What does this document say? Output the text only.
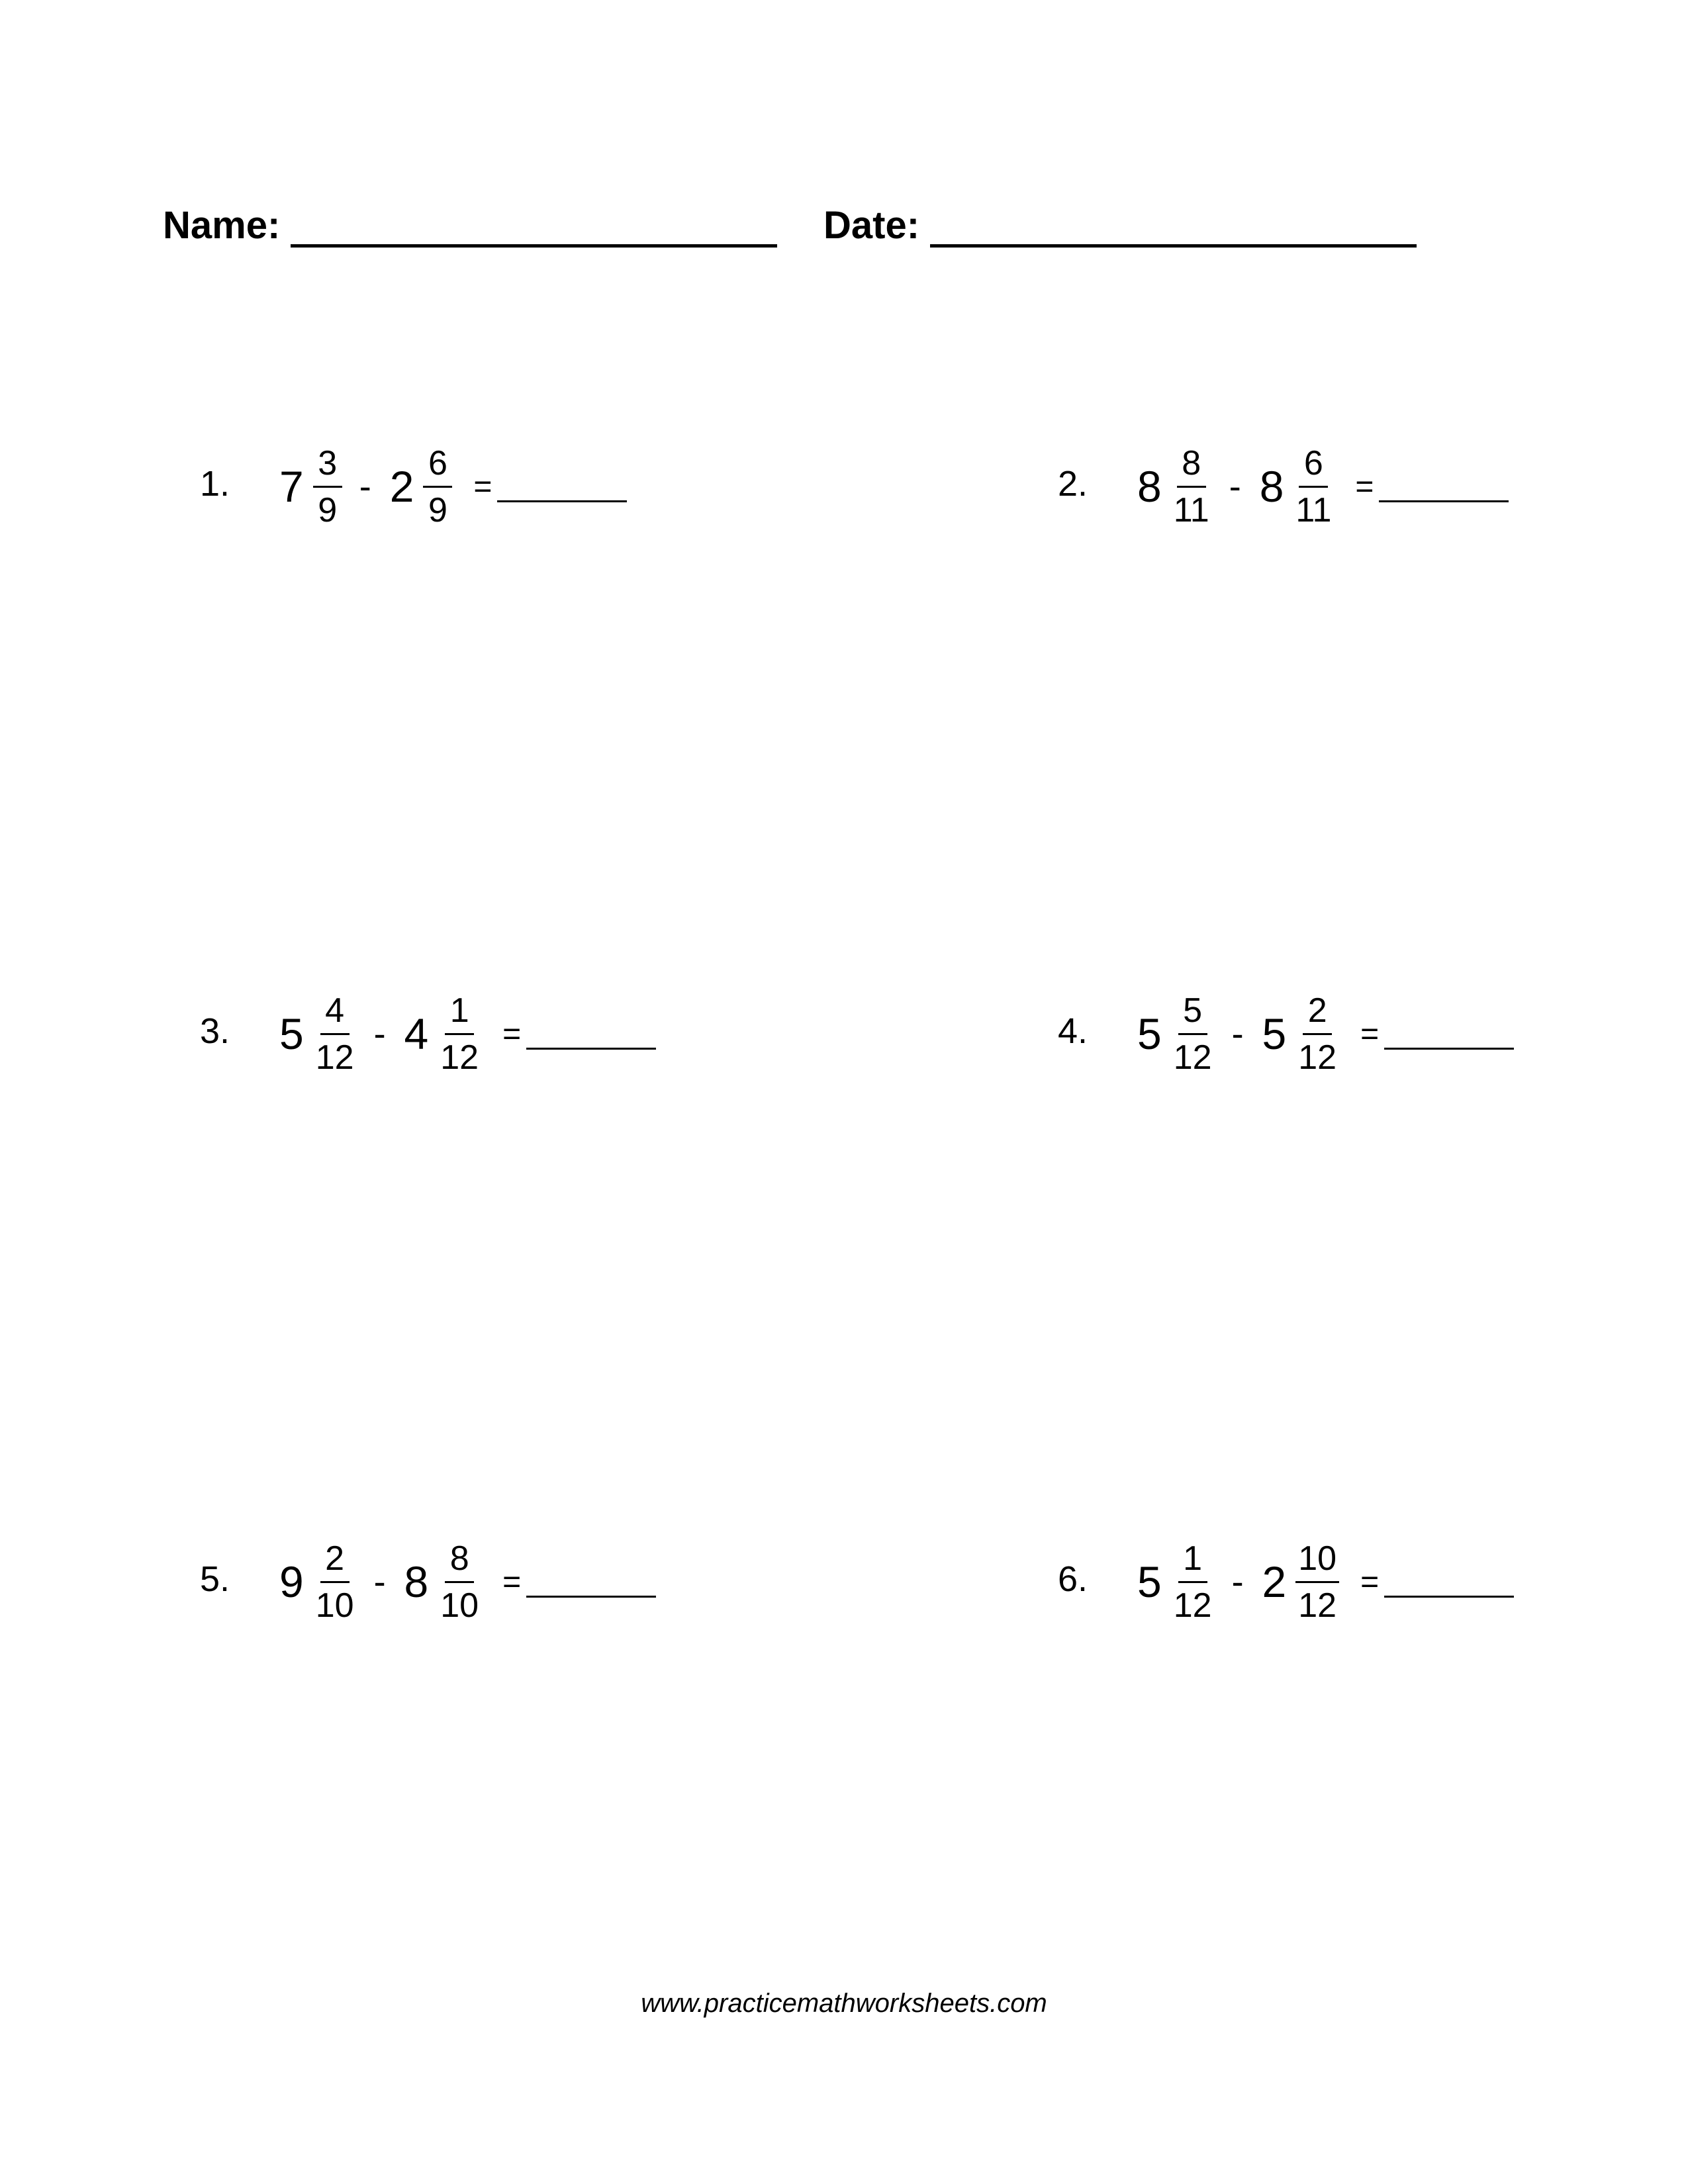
Name:	Date:
1.	$7 \frac{3}{9} - 2 \frac{6}{9}$ =	2.	$8 \frac{8}{11} - 8 \frac{6}{11}$ =
3.	$5 \frac{4}{12} - 4 \frac{1}{12}$ =	4.	$5 \frac{5}{12} - 5 \frac{2}{12}$ =
5.	$9 \frac{2}{10} - 8 \frac{8}{10}$ =	6.	$5 \frac{1}{12} - 2 \frac{10}{12}$ =
www.practicemathworksheets.com
